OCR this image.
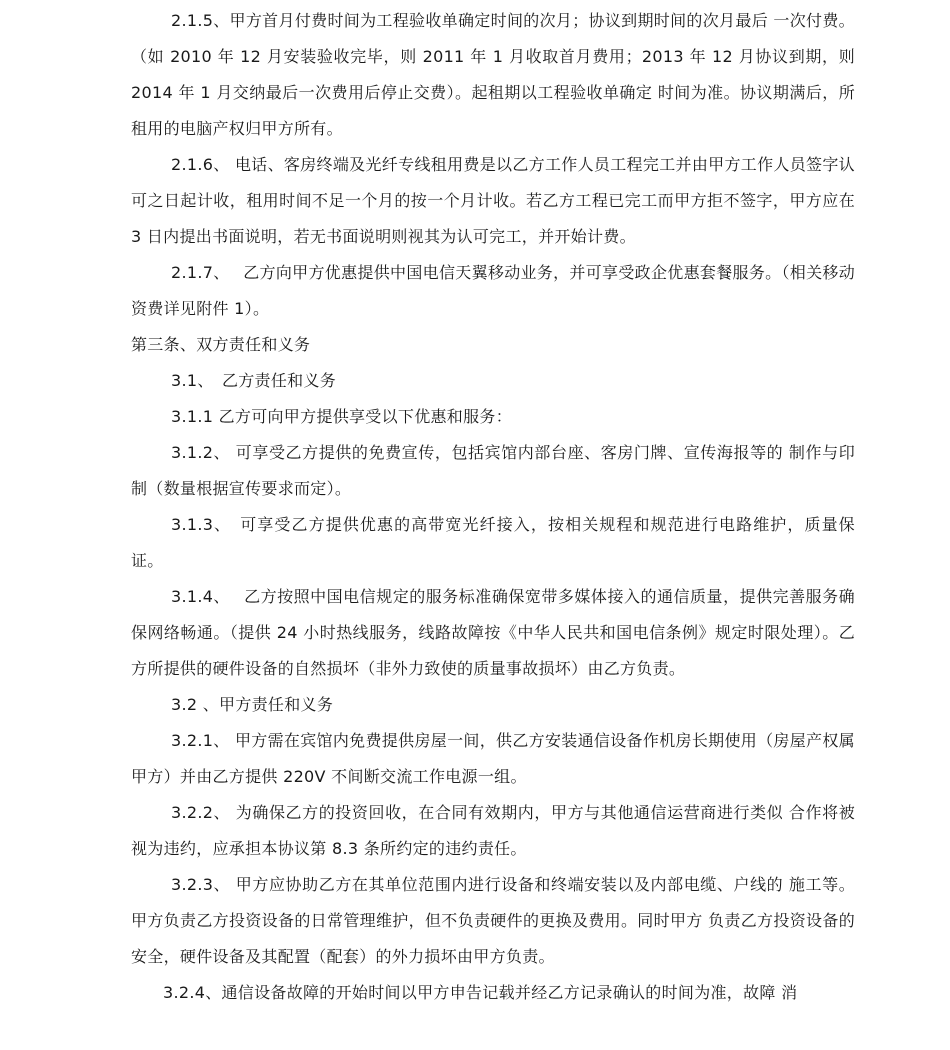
2.1.5、甲方首月付费时间为工程验收单确定时间的次月；协议到期时间的次月最后 一次付费。（如 2010 年 12 月安装验收完毕，则 2011 年 1 月收取首月费用；2013 年 12 月协议到期，则 2014 年 1 月交纳最后一次费用后停止交费）。起租期以工程验收单确定 时间为准。协议期满后，所租用的电脑产权归甲方所有。

2.1.6、 电话、客房终端及光纤专线租用费是以乙方工作人员工程完工并由甲方工作人员签字认可之日起计收，租用时间不足一个月的按一个月计收。若乙方工程已完工而甲方拒不签字，甲方应在 3 日内提出书面说明，若无书面说明则视其为认可完工，并开始计费。

2.1.7、　 乙方向甲方优惠提供中国电信天翼移动业务，并可享受政企优惠套餐服务。（相关移动资费详见附件 1）。

第三条、双方责任和义务

3.1、　乙方责任和义务

3.1.1 乙方可向甲方提供享受以下优惠和服务：

3.1.2、 可享受乙方提供的免费宣传，包括宾馆内部台座、客房门牌、宣传海报等的 制作与印制（数量根据宣传要求而定）。

3.1.3、　可享受乙方提供优惠的高带宽光纤接入，按相关规程和规范进行电路维护，质量保证。

3.1.4、　 乙方按照中国电信规定的服务标准确保宽带多媒体接入的通信质量，提供完善服务确保网络畅通。（提供 24 小时热线服务，线路故障按《中华人民共和国电信条例》规定时限处理）。乙方所提供的硬件设备的自然损坏（非外力致使的质量事故损坏）由乙方负责。

3.2 、甲方责任和义务

3.2.1、 甲方需在宾馆内免费提供房屋一间，供乙方安装通信设备作机房长期使用（房屋产权属甲方）并由乙方提供 220V 不间断交流工作电源一组。

3.2.2、 为确保乙方的投资回收，在合同有效期内，甲方与其他通信运营商进行类似 合作将被视为违约，应承担本协议第 8.3 条所约定的违约责任。

3.2.3、 甲方应协助乙方在其单位范围内进行设备和终端安装以及内部电缆、户线的 施工等。甲方负责乙方投资设备的日常管理维护，但不负责硬件的更换及费用。同时甲方 负责乙方投资设备的安全，硬件设备及其配置（配套）的外力损坏由甲方负责。

3.2.4、通信设备故障的开始时间以甲方申告记载并经乙方记录确认的时间为准，故障 消
